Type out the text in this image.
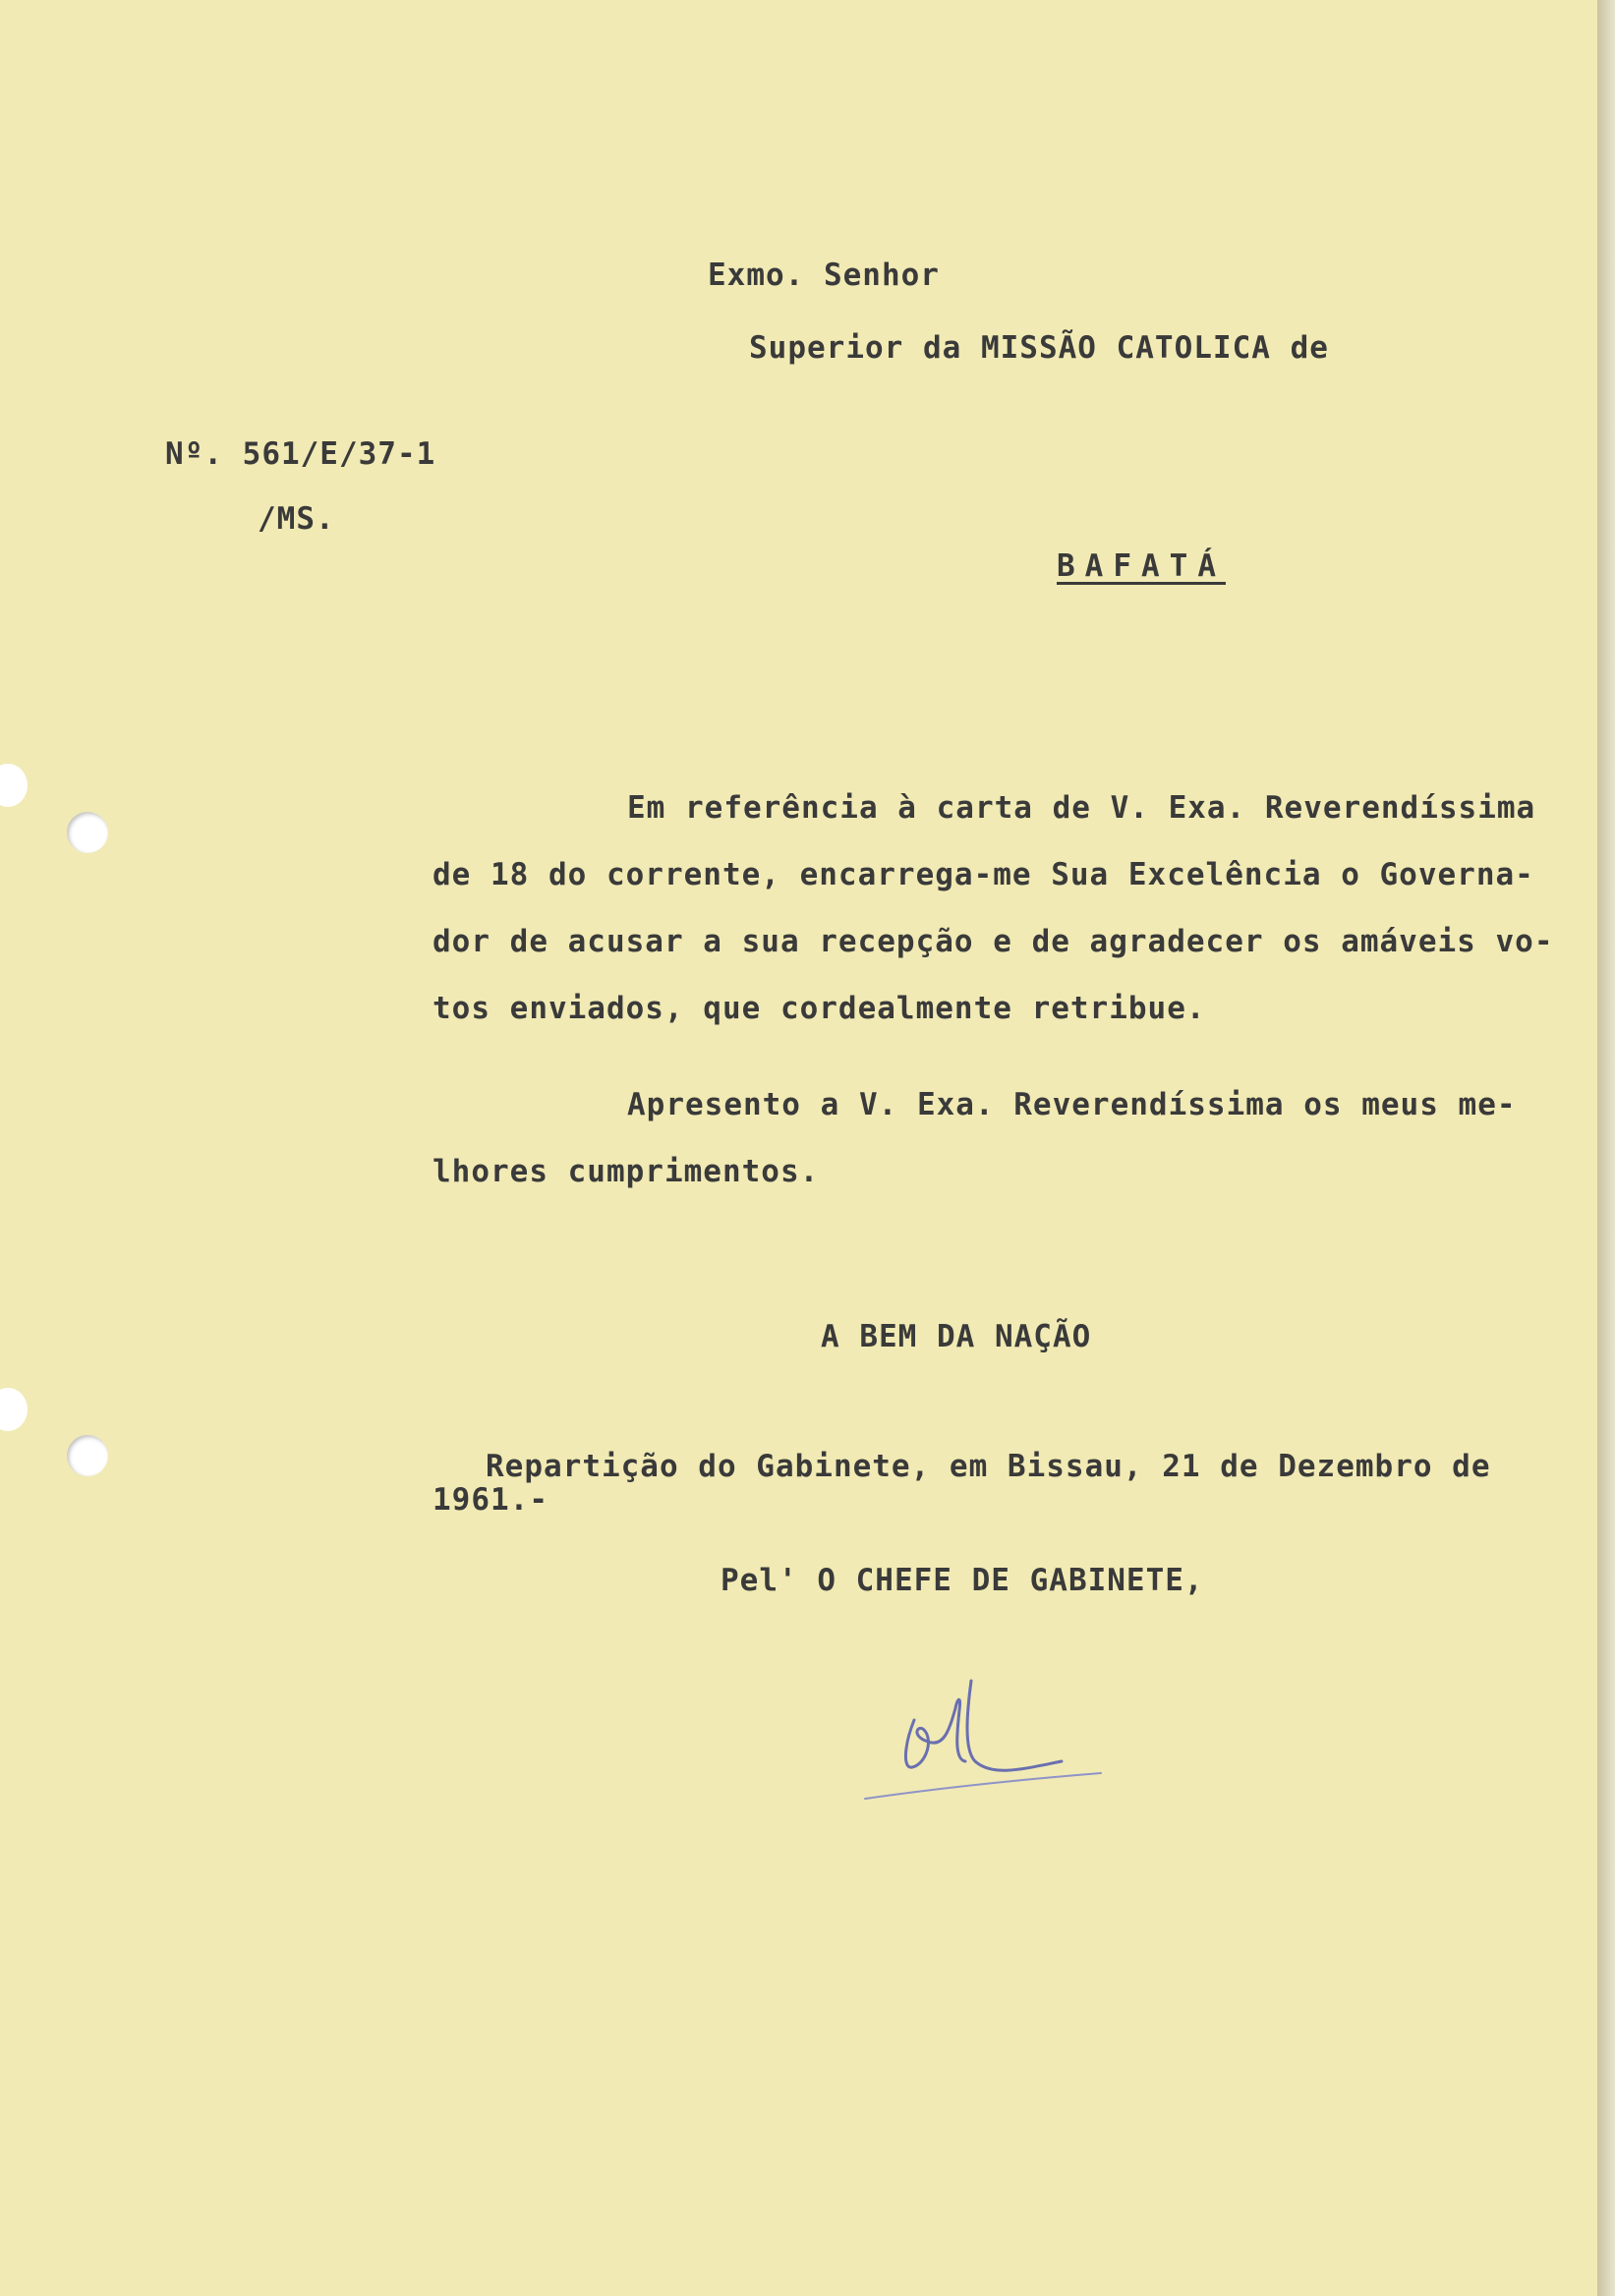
Exmo. Senhor

Superior da MISSÃO CATOLICA de

Nº. 561/E/37-1

/MS.

BAFATÁ

Em referência à carta de V. Exa. Reverendíssima

de 18 do corrente, encarrega-me Sua Excelência o Governa-

dor de acusar a sua recepção e de agradecer os amáveis vo-

tos enviados, que cordealmente retribue.

Apresento a V. Exa. Reverendíssima os meus me-

lhores cumprimentos.

A BEM DA NAÇÃO

Repartição do Gabinete, em Bissau, 21 de Dezembro de

1961.-

Pel' O CHEFE DE GABINETE,

Bfl
